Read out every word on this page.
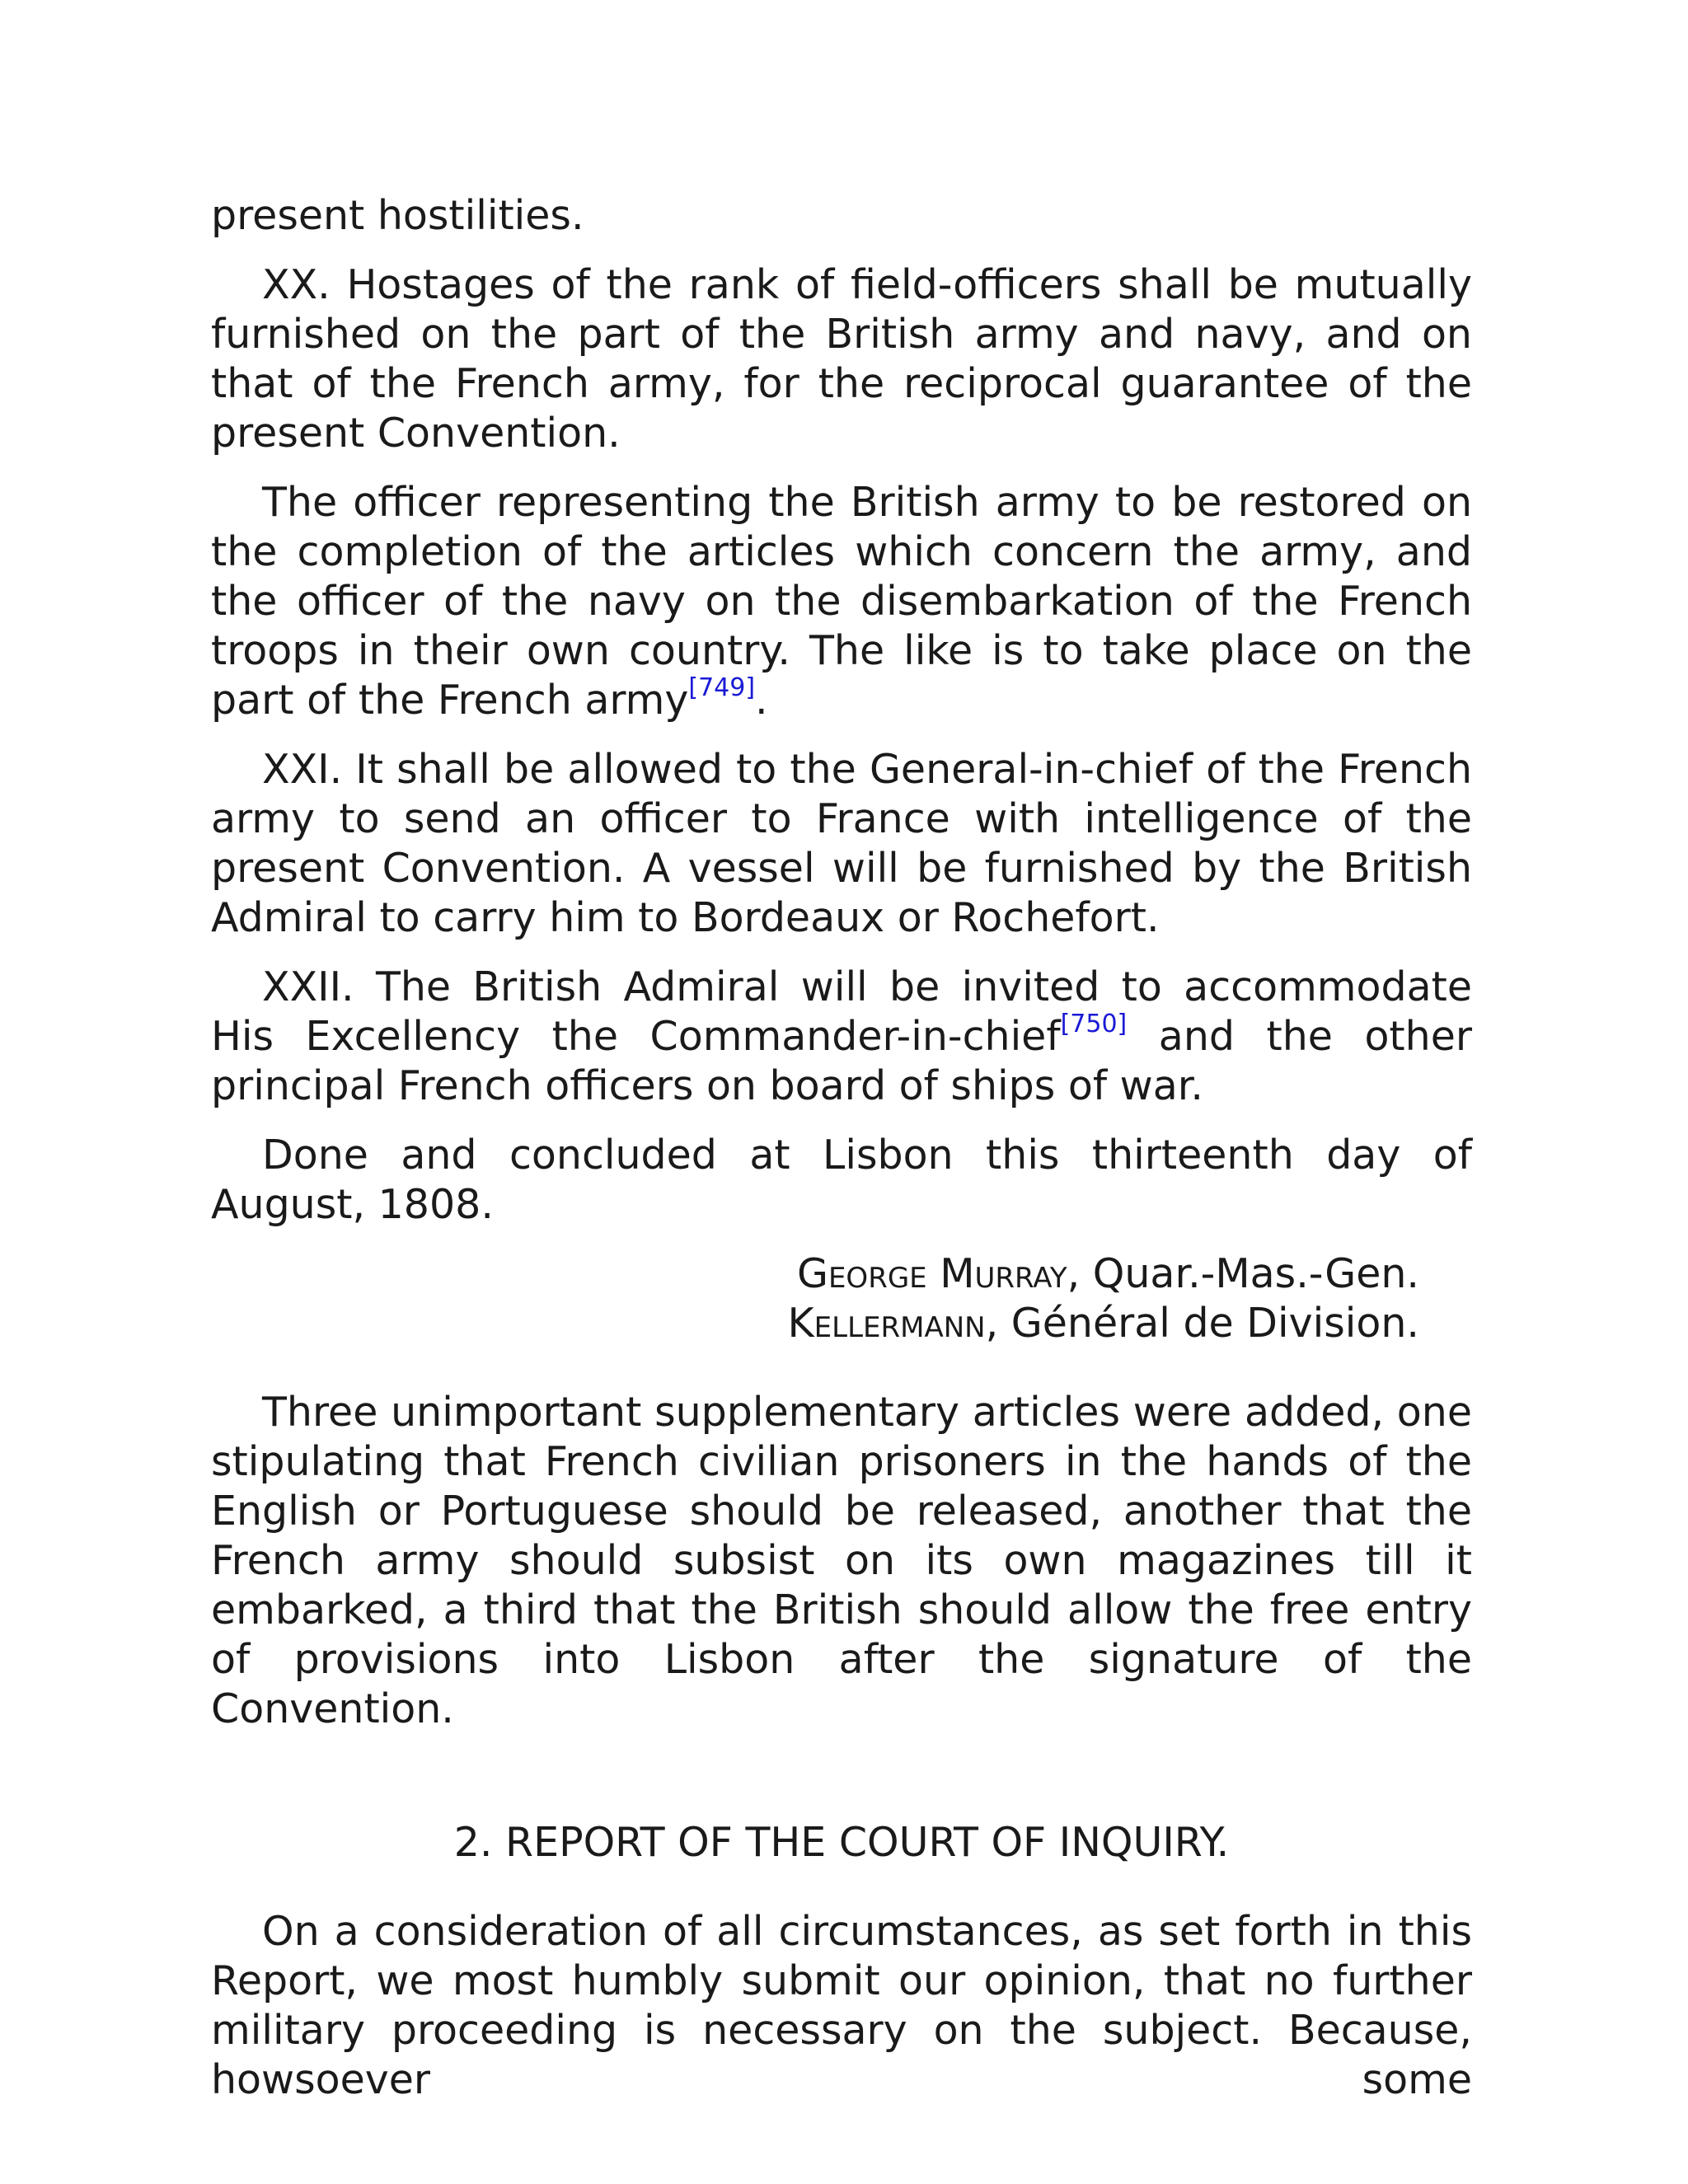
present hostilities.

XX. Hostages of the rank of field-officers shall be mutually furnished on the part of the British army and navy, and on that of the French army, for the reciprocal guarantee of the present Convention.

The officer representing the British army to be restored on the completion of the articles which concern the army, and the officer of the navy on the disembarkation of the French troops in their own country. The like is to take place on the part of the French army[749].

XXI. It shall be allowed to the General-in-chief of the French army to send an officer to France with intelligence of the present Convention. A vessel will be furnished by the British Admiral to carry him to Bordeaux or Rochefort.

XXII. The British Admiral will be invited to accommodate His Excellency the Commander-in-chief[750] and the other principal French officers on board of ships of war.

Done and concluded at Lisbon this thirteenth day of August, 1808.

George Murray, Quar.-Mas.-Gen.
Kellermann, Général de Division.

Three unimportant supplementary articles were added, one stipulating that French civilian prisoners in the hands of the English or Portuguese should be released, another that the French army should subsist on its own magazines till it embarked, a third that the British should allow the free entry of provisions into Lisbon after the signature of the Convention.

2. REPORT OF THE COURT OF INQUIRY.

On a consideration of all circumstances, as set forth in this Report, we most humbly submit our opinion, that no further military proceeding is necessary on the subject. Because, howsoever some
